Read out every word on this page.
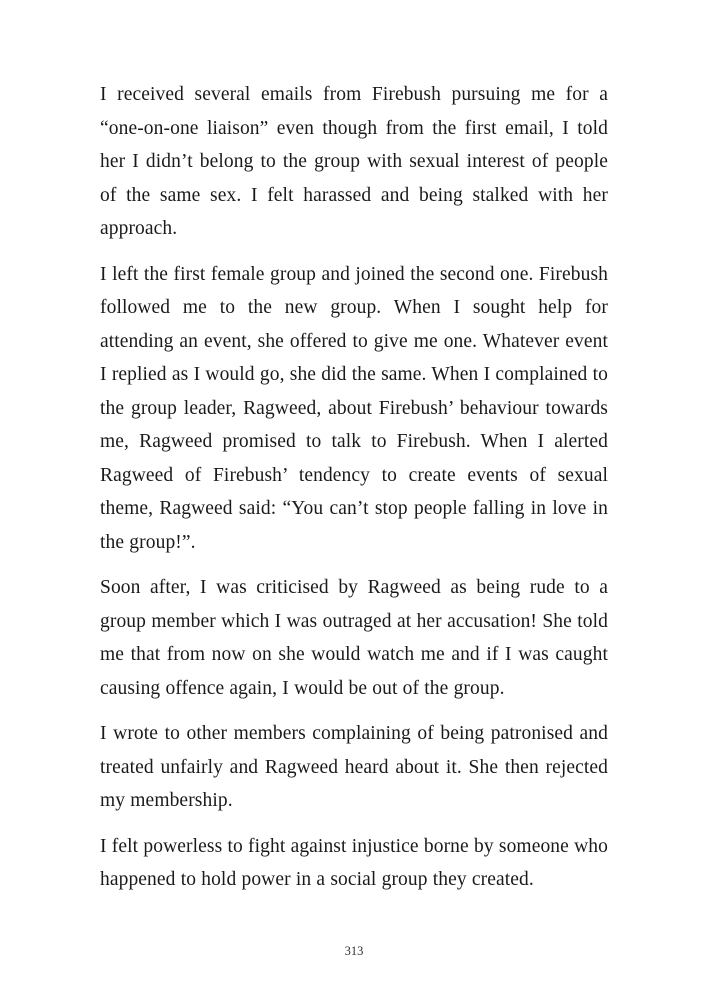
I received several emails from Firebush pursuing me for a “one-on-one liaison” even though from the first email, I told her I didn’t belong to the group with sexual interest of people of the same sex. I felt harassed and being stalked with her approach.

I left the first female group and joined the second one. Firebush followed me to the new group. When I sought help for attending an event, she offered to give me one. Whatever event I replied as I would go, she did the same. When I complained to the group leader, Ragweed, about Firebush’ behaviour towards me, Ragweed promised to talk to Firebush. When I alerted Ragweed of Firebush’ tendency to create events of sexual theme, Ragweed said: “You can’t stop people falling in love in the group!”.

Soon after, I was criticised by Ragweed as being rude to a group member which I was outraged at her accusation! She told me that from now on she would watch me and if I was caught causing offence again, I would be out of the group.

I wrote to other members complaining of being patronised and treated unfairly and Ragweed heard about it. She then rejected my membership.

I felt powerless to fight against injustice borne by someone who happened to hold power in a social group they created.

313
